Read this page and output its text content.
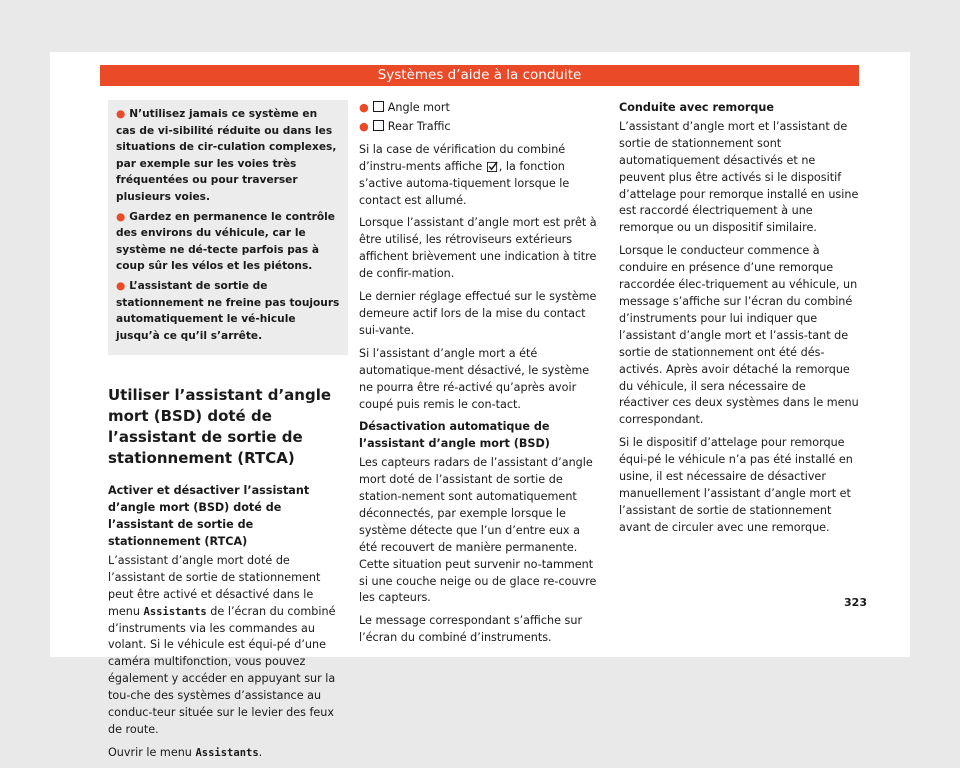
Systèmes d’aide à la conduite

● N’utilisez jamais ce système en cas de vi-sibilité réduite ou dans les situations de cir-culation complexes, par exemple sur les voies très fréquentées ou pour traverser plusieurs voies.

● Gardez en permanence le contrôle des environs du véhicule, car le système ne dé-tecte parfois pas à coup sûr les vélos et les piétons.

● L’assistant de sortie de stationnement ne freine pas toujours automatiquement le vé-hicule jusqu’à ce qu’il s’arrête.

Utiliser l’assistant d’angle mort (BSD) doté de l’assistant de sortie de stationnement (RTCA)
Activer et désactiver l’assistant d’angle mort (BSD) doté de l’assistant de sortie de stationnement (RTCA)

L’assistant d’angle mort doté de l’assistant de sortie de stationnement peut être activé et désactivé dans le menu Assistants de l’écran du combiné d’instruments via les commandes au volant. Si le véhicule est équi-pé d’une caméra multifonction, vous pouvez également y accéder en appuyant sur la tou-che des systèmes d’assistance au conduc-teur située sur le levier des feux de route.

Ouvrir le menu Assistants.

● Angle mort

● Rear Traffic

Si la case de vérification du combiné d’instru-ments affiche , la fonction s’active automa-tiquement lorsque le contact est allumé.

Lorsque l’assistant d’angle mort est prêt à être utilisé, les rétroviseurs extérieurs affichent brièvement une indication à titre de confir-mation.

Le dernier réglage effectué sur le système demeure actif lors de la mise du contact sui-vante.

Si l’assistant d’angle mort a été automatique-ment désactivé, le système ne pourra être ré-activé qu’après avoir coupé puis remis le con-tact.

Désactivation automatique de l’assistant d’angle mort (BSD)

Les capteurs radars de l’assistant d’angle mort doté de l’assistant de sortie de station-nement sont automatiquement déconnectés, par exemple lorsque le système détecte que l’un d’entre eux a été recouvert de manière permanente. Cette situation peut survenir no-tamment si une couche neige ou de glace re-couvre les capteurs.

Le message correspondant s’affiche sur l’écran du combiné d’instruments.

Conduite avec remorque

L’assistant d’angle mort et l’assistant de sortie de stationnement sont automatiquement désactivés et ne peuvent plus être activés si le dispositif d’attelage pour remorque installé en usine est raccordé électriquement à une remorque ou un dispositif similaire.

Lorsque le conducteur commence à conduire en présence d’une remorque raccordée élec-triquement au véhicule, un message s’affiche sur l’écran du combiné d’instruments pour lui indiquer que l’assistant d’angle mort et l’assis-tant de sortie de stationnement ont été dés-activés. Après avoir détaché la remorque du véhicule, il sera nécessaire de réactiver ces deux systèmes dans le menu correspondant.

Si le dispositif d’attelage pour remorque équi-pé le véhicule n’a pas été installé en usine, il est nécessaire de désactiver manuellement l’assistant d’angle mort et l’assistant de sortie de stationnement avant de circuler avec une remorque.

323
